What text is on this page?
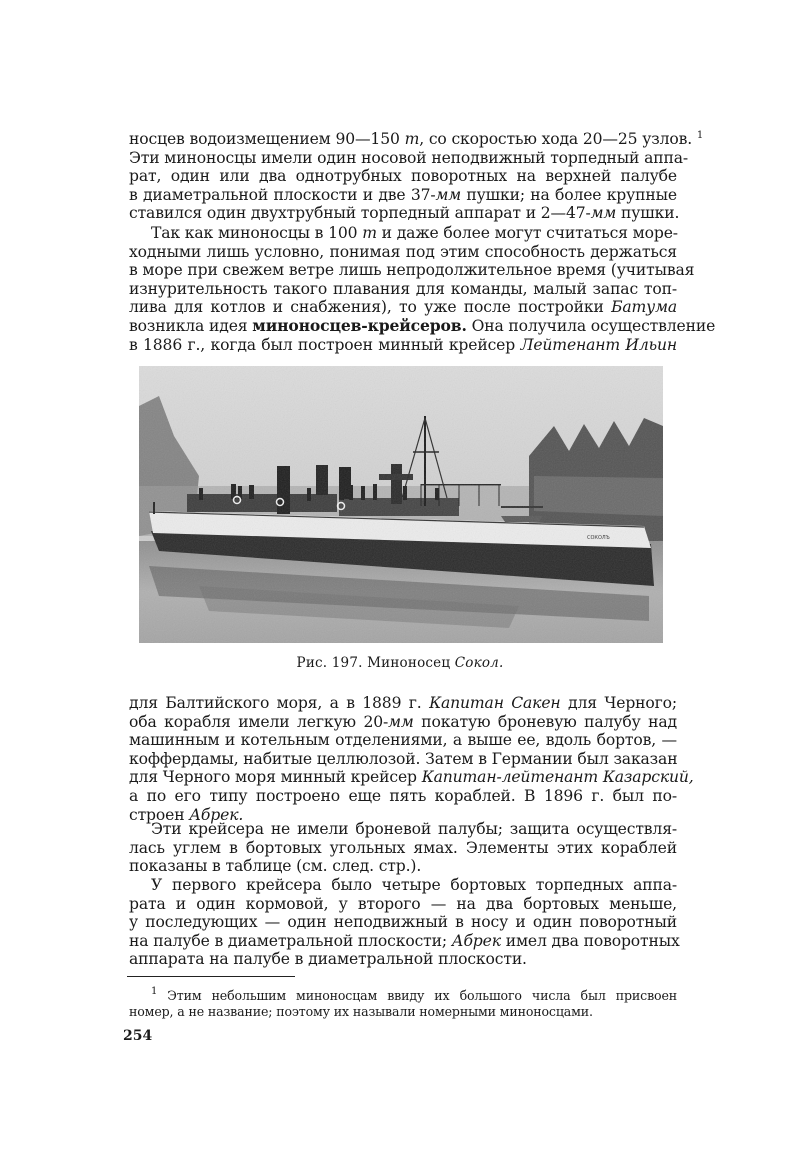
носцев водоизмещением 90—150 т, со скоростью хода 20—25 узлов. $^1$
Эти миноносцы имели один носовой неподвижный торпедный аппа-
рат, один или два однотрубных поворотных на верхней палубе
в диаметральной плоскости и две 37-мм пушки; на более крупные
ставился один двухтрубный торпедный аппарат и 2—47-мм пушки.
Так как миноносцы в 100 т и даже более могут считаться море-
ходными лишь условно, понимая под этим способность держаться
в море при свежем ветре лишь непродолжительное время (учитывая
изнурительность такого плавания для команды, малый запас топ-
лива для котлов и снабжения), то уже после постройки Батума
возникла идея миноносцев-крейсеров. Она получила осуществление
в 1886 г., когда был построен минный крейсер Лейтенант Ильин
Рис. 197. Миноносец Сокол.
для Балтийского моря, а в 1889 г. Капитан Сакен для Черного;
оба корабля имели легкую 20-мм покатую броневую палубу над
машинным и котельным отделениями, а выше ее, вдоль бортов, —
коффердамы, набитые целлюлозой. Затем в Германии был заказан
для Черного моря минный крейсер Капитан-лейтенант Казарский,
а по его типу построено еще пять кораблей. В 1896 г. был по-
строен Абрек.
Эти крейсера не имели броневой палубы; защита осуществля-
лась углем в бортовых угольных ямах. Элементы этих кораблей
показаны в таблице (см. след. стр.).
У первого крейсера было четыре бортовых торпедных аппа-
рата и один кормовой, у второго — на два бортовых меньше,
у последующих — один неподвижный в носу и один поворотный
на палубе в диаметральной плоскости; Абрек имел два поворотных
аппарата на палубе в диаметральной плоскости.
$^1$ Этим небольшим миноносцам ввиду их большого числа был присвоен
номер, а не название; поэтому их называли номерными миноносцами.
254
